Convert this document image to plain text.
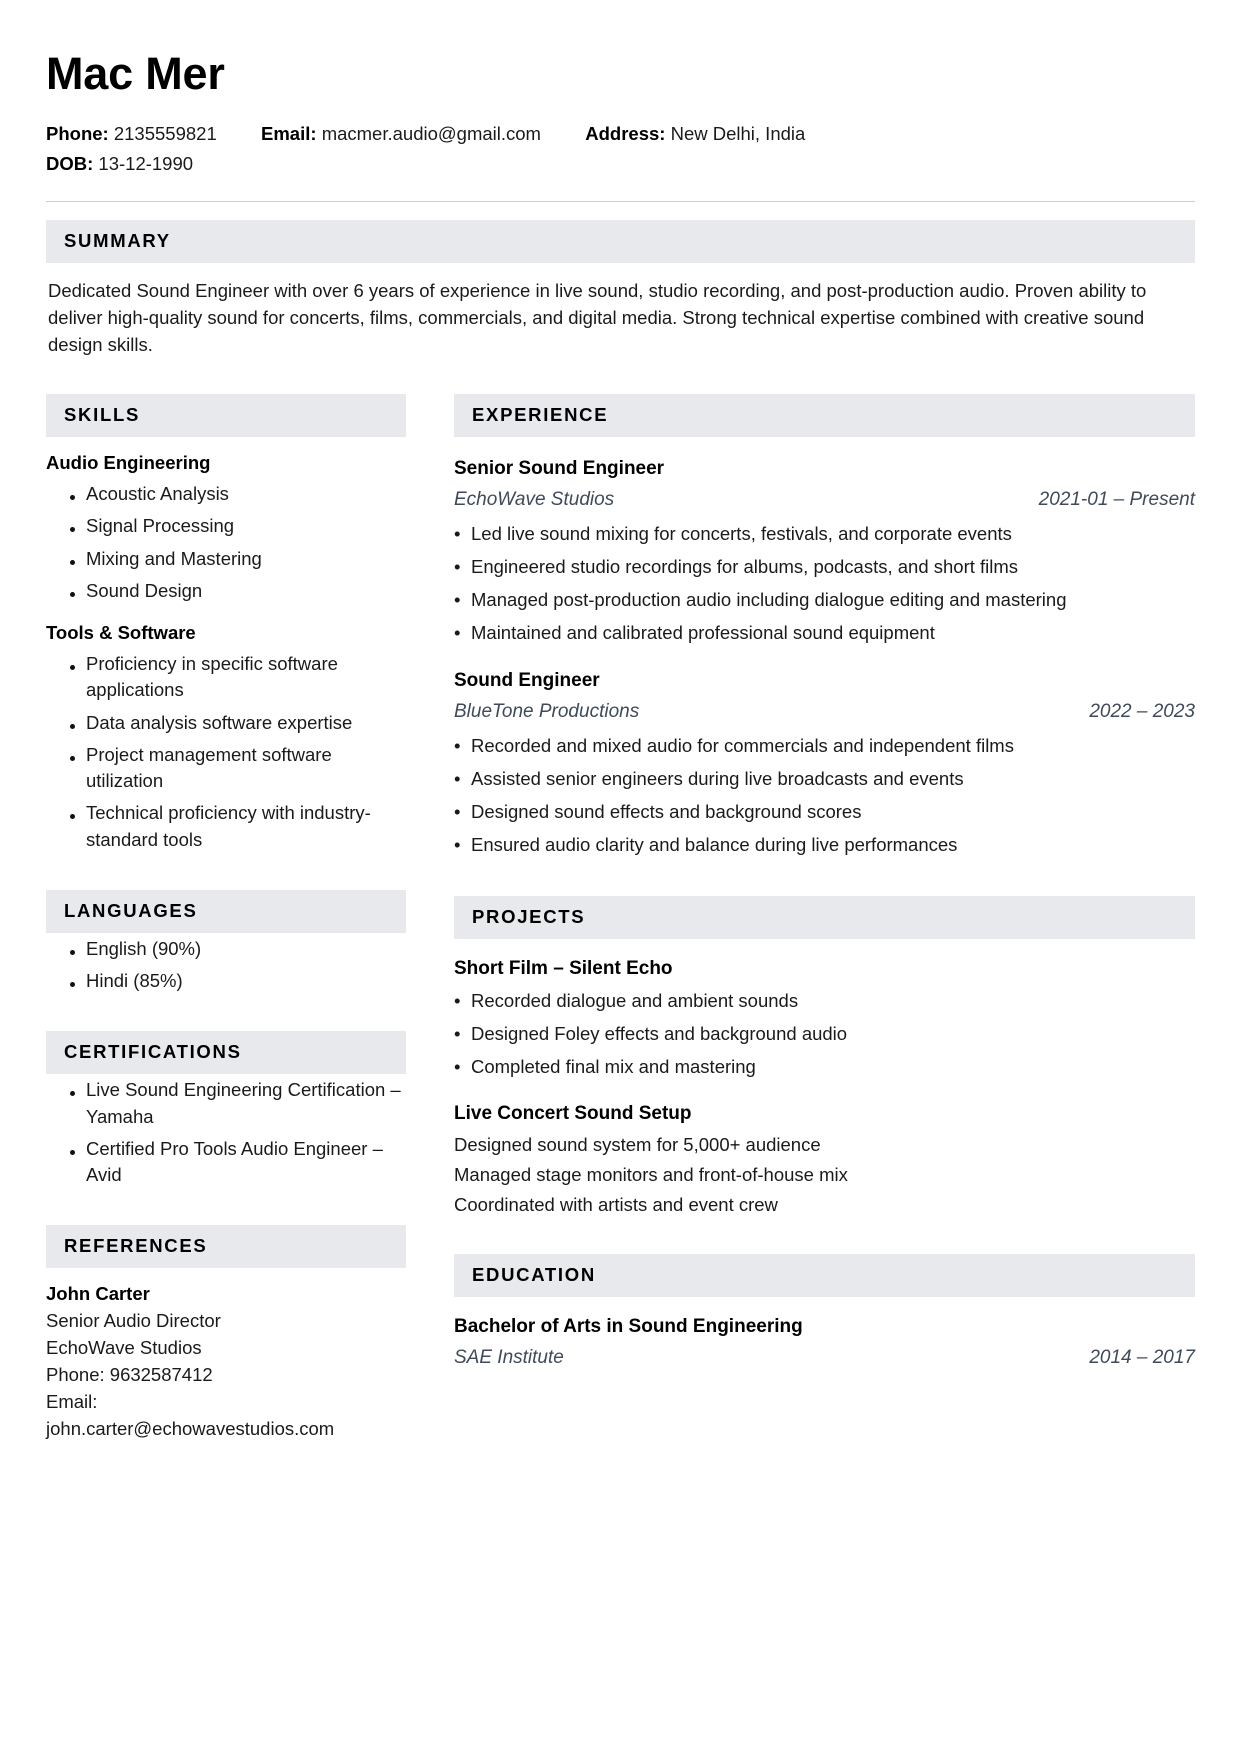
Mac Mer
Phone: 2135559821 Email: macmer.audio@gmail.com Address: New Delhi, India
DOB: 13-12-1990
SUMMARY
Dedicated Sound Engineer with over 6 years of experience in live sound, studio recording, and post-production audio. Proven ability to deliver high-quality sound for concerts, films, commercials, and digital media. Strong technical expertise combined with creative sound design skills.
SKILLS
Audio Engineering
Acoustic Analysis
Signal Processing
Mixing and Mastering
Sound Design
Tools & Software
Proficiency in specific software applications
Data analysis software expertise
Project management software utilization
Technical proficiency with industry-standard tools
LANGUAGES
English (90%)
Hindi (85%)
CERTIFICATIONS
Live Sound Engineering Certification – Yamaha
Certified Pro Tools Audio Engineer – Avid
REFERENCES
John Carter
Senior Audio Director
EchoWave Studios
Phone: 9632587412
Email:
john.carter@echowavestudios.com
EXPERIENCE
Senior Sound Engineer
EchoWave Studios	2021-01 – Present
• Led live sound mixing for concerts, festivals, and corporate events
• Engineered studio recordings for albums, podcasts, and short films
• Managed post-production audio including dialogue editing and mastering
• Maintained and calibrated professional sound equipment
Sound Engineer
BlueTone Productions	2022 – 2023
• Recorded and mixed audio for commercials and independent films
• Assisted senior engineers during live broadcasts and events
• Designed sound effects and background scores
• Ensured audio clarity and balance during live performances
PROJECTS
Short Film – Silent Echo
• Recorded dialogue and ambient sounds
• Designed Foley effects and background audio
• Completed final mix and mastering
Live Concert Sound Setup

Designed sound system for 5,000+ audience

Managed stage monitors and front-of-house mix

Coordinated with artists and event crew

EDUCATION
Bachelor of Arts in Sound Engineering
SAE Institute	2014 – 2017
